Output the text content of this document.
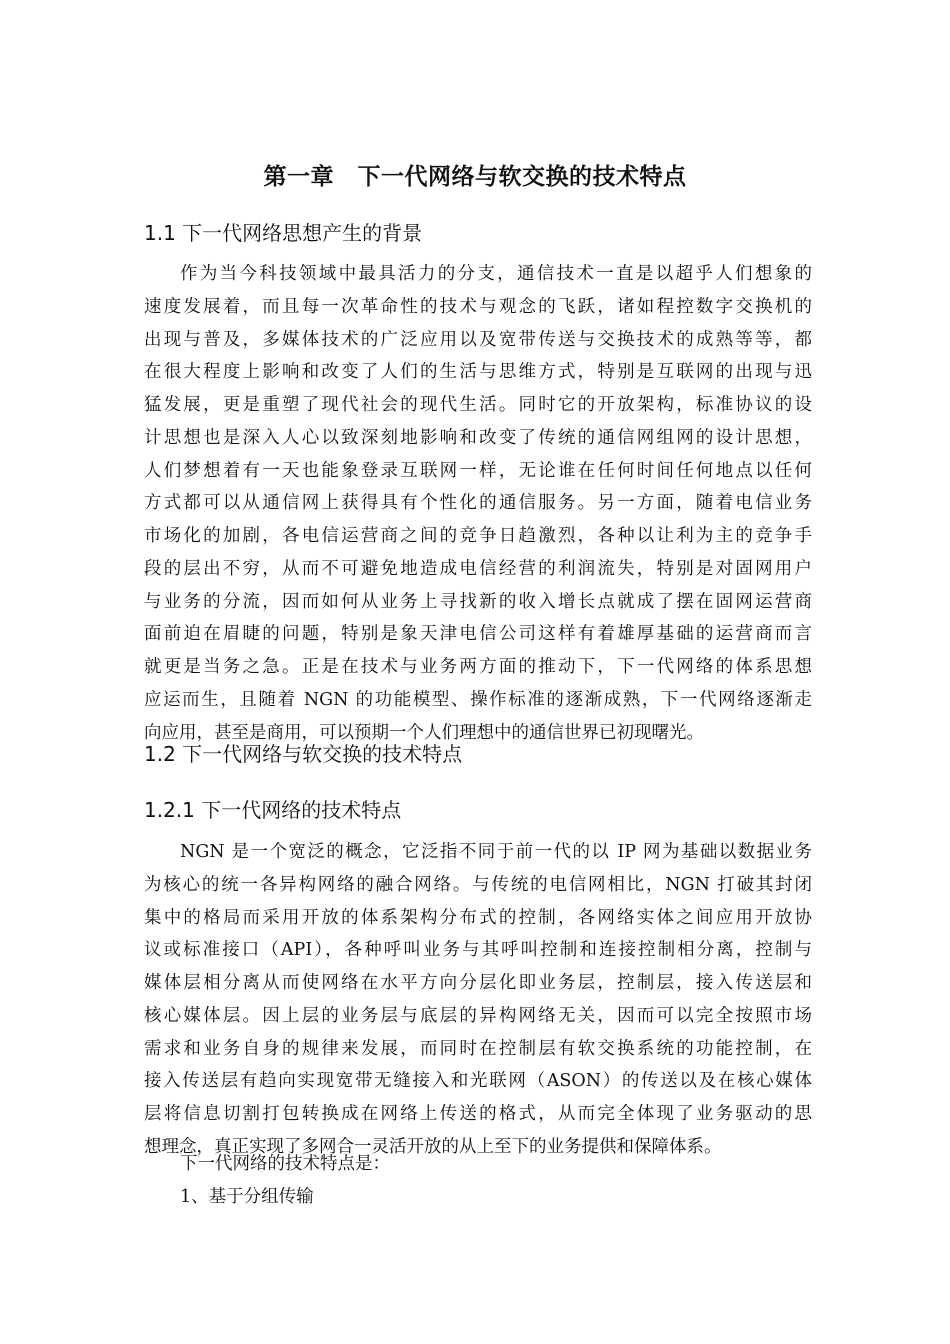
第一章　下一代网络与软交换的技术特点
1.1 下一代网络思想产生的背景
作为当今科技领域中最具活力的分支，通信技术一直是以超乎人们想象的
速度发展着，而且每一次革命性的技术与观念的飞跃，诸如程控数字交换机的
出现与普及，多媒体技术的广泛应用以及宽带传送与交换技术的成熟等等，都
在很大程度上影响和改变了人们的生活与思维方式，特别是互联网的出现与迅
猛发展，更是重塑了现代社会的现代生活。同时它的开放架构，标准协议的设
计思想也是深入人心以致深刻地影响和改变了传统的通信网组网的设计思想，
人们梦想着有一天也能象登录互联网一样，无论谁在任何时间任何地点以任何
方式都可以从通信网上获得具有个性化的通信服务。另一方面，随着电信业务
市场化的加剧，各电信运营商之间的竞争日趋激烈，各种以让利为主的竞争手
段的层出不穷，从而不可避免地造成电信经营的利润流失，特别是对固网用户
与业务的分流，因而如何从业务上寻找新的收入增长点就成了摆在固网运营商
面前迫在眉睫的问题，特别是象天津电信公司这样有着雄厚基础的运营商而言
就更是当务之急。正是在技术与业务两方面的推动下，下一代网络的体系思想
应运而生，且随着 NGN 的功能模型、操作标准的逐渐成熟，下一代网络逐渐走
向应用，甚至是商用，可以预期一个人们理想中的通信世界已初现曙光。
1.2 下一代网络与软交换的技术特点
1.2.1 下一代网络的技术特点
NGN 是一个宽泛的概念，它泛指不同于前一代的以 IP 网为基础以数据业务
为核心的统一各异构网络的融合网络。与传统的电信网相比，NGN 打破其封闭
集中的格局而采用开放的体系架构分布式的控制，各网络实体之间应用开放协
议或标准接口（API），各种呼叫业务与其呼叫控制和连接控制相分离，控制与
媒体层相分离从而使网络在水平方向分层化即业务层，控制层，接入传送层和
核心媒体层。因上层的业务层与底层的异构网络无关，因而可以完全按照市场
需求和业务自身的规律来发展，而同时在控制层有软交换系统的功能控制，在
接入传送层有趋向实现宽带无缝接入和光联网（ASON）的传送以及在核心媒体
层将信息切割打包转换成在网络上传送的格式，从而完全体现了业务驱动的思
想理念，真正实现了多网合一灵活开放的从上至下的业务提供和保障体系。
下一代网络的技术特点是：
1、基于分组传输
